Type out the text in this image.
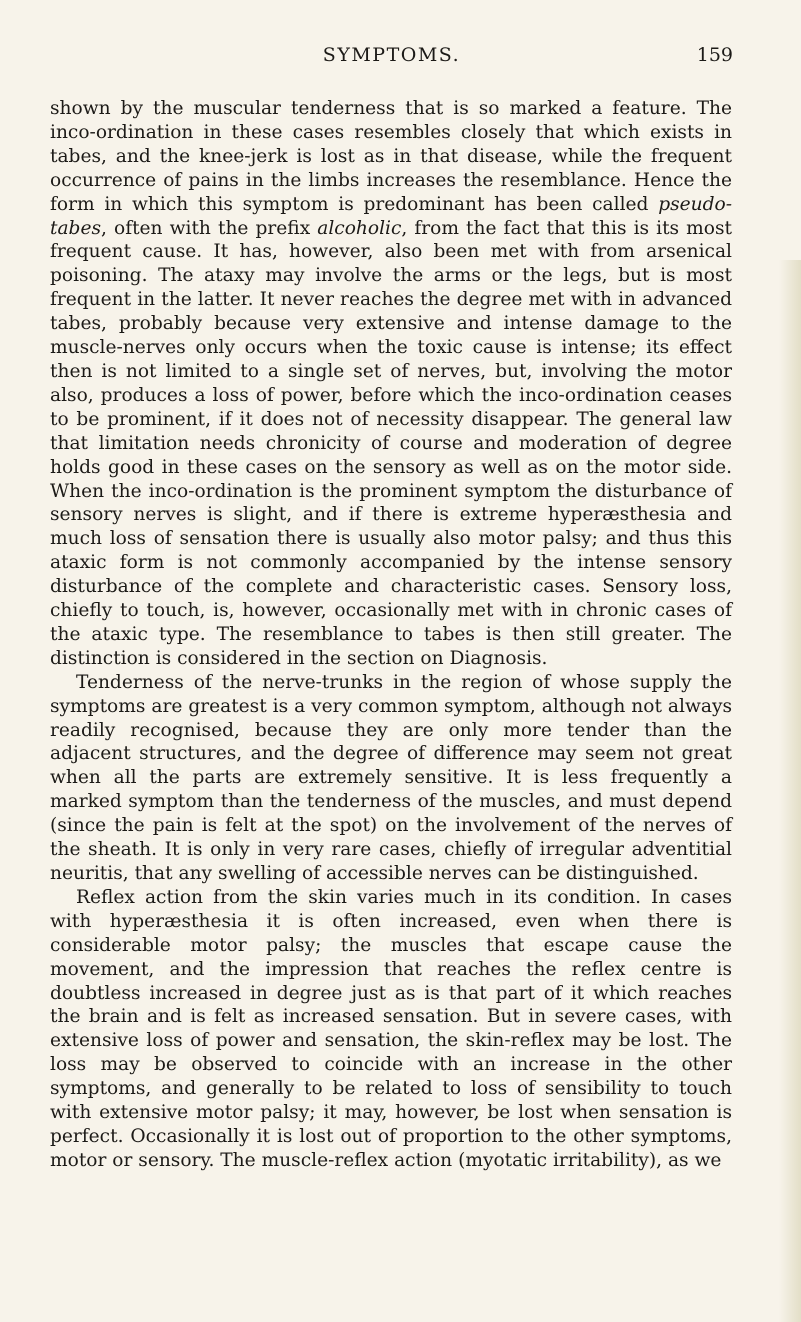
SYMPTOMS.	159

shown by the muscular tenderness that is so marked a feature. The inco-ordination in these cases resembles closely that which exists in tabes, and the knee-jerk is lost as in that disease, while the frequent occurrence of pains in the limbs increases the resemblance. Hence the form in which this symptom is predominant has been called pseudo-tabes, often with the prefix alcoholic, from the fact that this is its most frequent cause. It has, however, also been met with from arsenical poisoning. The ataxy may involve the arms or the legs, but is most frequent in the latter. It never reaches the degree met with in advanced tabes, probably because very extensive and intense damage to the muscle-nerves only occurs when the toxic cause is intense; its effect then is not limited to a single set of nerves, but, involving the motor also, produces a loss of power, before which the inco-ordination ceases to be prominent, if it does not of necessity disappear. The general law that limitation needs chronicity of course and moderation of degree holds good in these cases on the sensory as well as on the motor side. When the inco-ordination is the prominent symptom the disturbance of sensory nerves is slight, and if there is extreme hyperæsthesia and much loss of sensation there is usually also motor palsy; and thus this ataxic form is not commonly accompanied by the intense sensory disturbance of the complete and characteristic cases. Sensory loss, chiefly to touch, is, however, occasionally met with in chronic cases of the ataxic type. The resemblance to tabes is then still greater. The distinction is considered in the section on Diagnosis.

Tenderness of the nerve-trunks in the region of whose supply the symptoms are greatest is a very common symptom, although not always readily recognised, because they are only more tender than the adjacent structures, and the degree of difference may seem not great when all the parts are extremely sensitive. It is less frequently a marked symptom than the tenderness of the muscles, and must depend (since the pain is felt at the spot) on the involvement of the nerves of the sheath. It is only in very rare cases, chiefly of irregular adventitial neuritis, that any swelling of accessible nerves can be distinguished.

Reflex action from the skin varies much in its condition. In cases with hyperæsthesia it is often increased, even when there is considerable motor palsy; the muscles that escape cause the movement, and the impression that reaches the reflex centre is doubtless increased in degree just as is that part of it which reaches the brain and is felt as increased sensation. But in severe cases, with extensive loss of power and sensation, the skin-reflex may be lost. The loss may be observed to coincide with an increase in the other symptoms, and generally to be related to loss of sensibility to touch with extensive motor palsy; it may, however, be lost when sensation is perfect. Occasionally it is lost out of proportion to the other symptoms, motor or sensory. The muscle-reflex action (myotatic irritability), as we
